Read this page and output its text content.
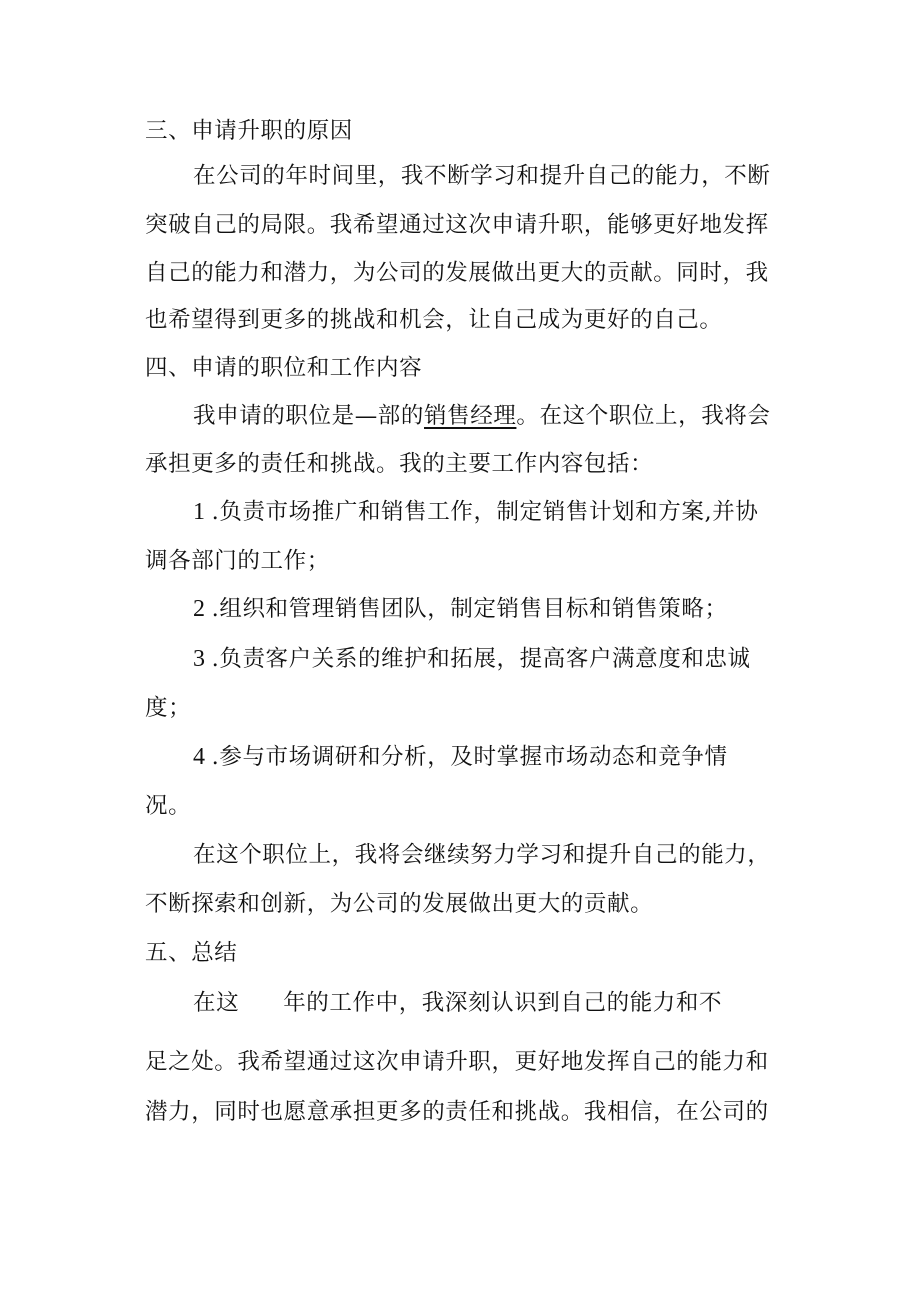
三、申请升职的原因
在公司的年时间里，我不断学习和提升自己的能力，不断
突破自己的局限。我希望通过这次申请升职，能够更好地发挥
自己的能力和潜力，为公司的发展做出更大的贡献。同时，我
也希望得到更多的挑战和机会，让自己成为更好的自己。
四、申请的职位和工作内容
我申请的职位是—部的销售经理。在这个职位上，我将会
承担更多的责任和挑战。我的主要工作内容包括：
1 .负责市场推广和销售工作，制定销售计划和方案,并协
调各部门的工作；
2 .组织和管理销售团队，制定销售目标和销售策略；
3 .负责客户关系的维护和拓展，提高客户满意度和忠诚
度；
4 .参与市场调研和分析，及时掌握市场动态和竞争情
况。
在这个职位上，我将会继续努力学习和提升自己的能力，
不断探索和创新，为公司的发展做出更大的贡献。
五、总结
在这 年的工作中，我深刻认识到自己的能力和不
足之处。我希望通过这次申请升职，更好地发挥自己的能力和
潜力，同时也愿意承担更多的责任和挑战。我相信，在公司的
